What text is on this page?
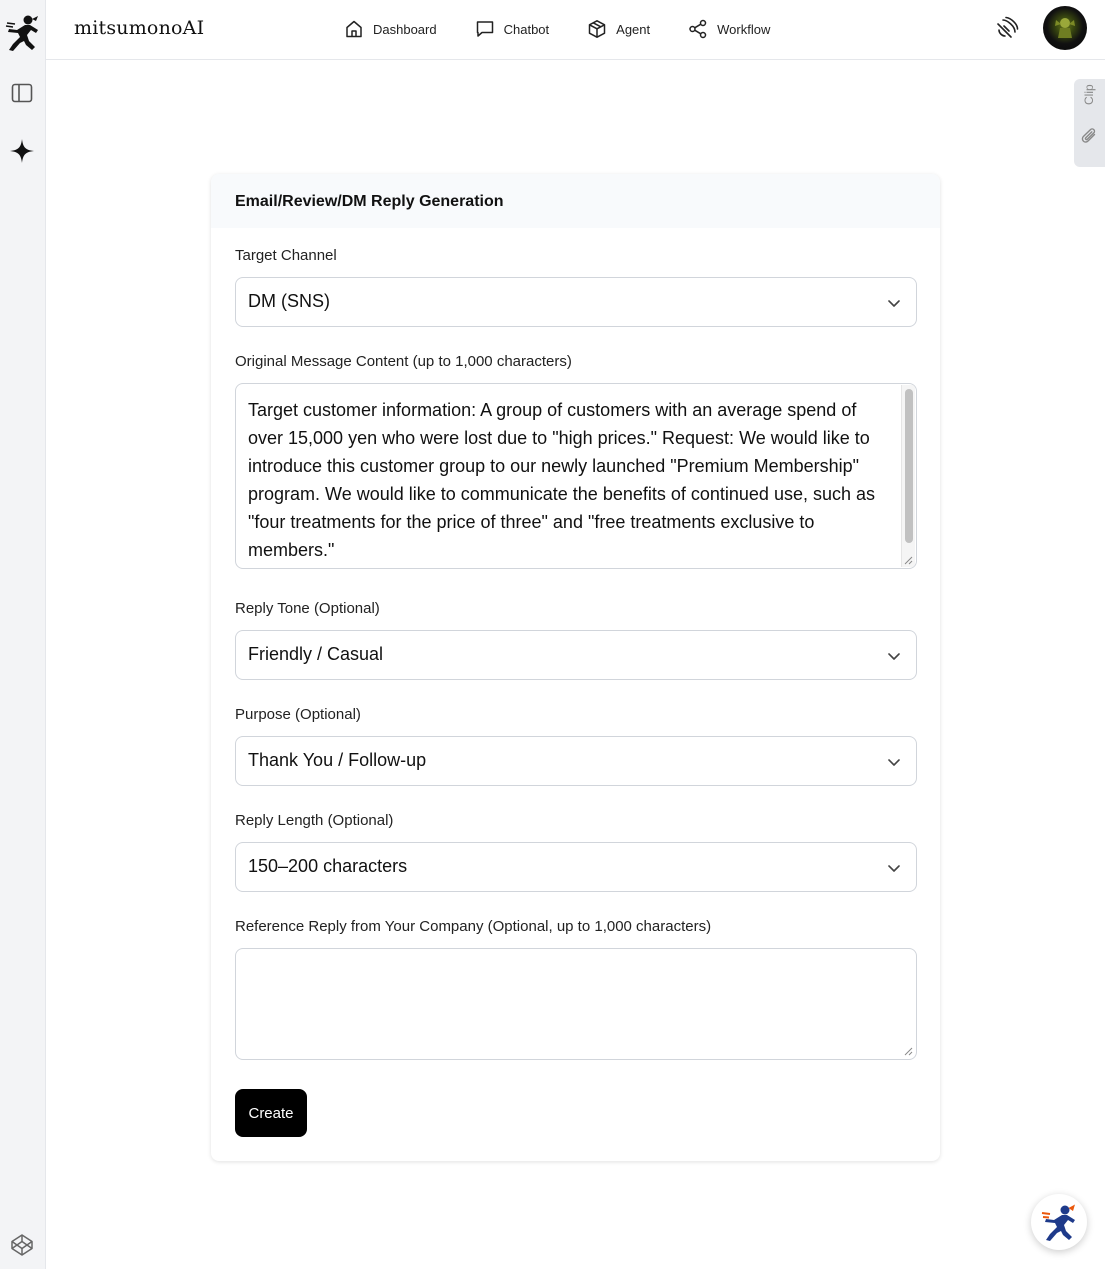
mitsumonoAI	Dashboard	Chatbot	Agent	Workflow
Clip
Email/Review/DM Reply Generation
Target Channel
DM (SNS)
Original Message Content (up to 1,000 characters)
Target customer information: A group of customers with an average spend of over 15,000 yen who were lost due to "high prices." Request: We would like to introduce this customer group to our newly launched "Premium Membership" program. We would like to communicate the benefits of continued use, such as "four treatments for the price of three" and "free treatments exclusive to members."
Reply Tone (Optional)
Friendly / Casual
Purpose (Optional)
Thank You / Follow-up
Reply Length (Optional)
150–200 characters
Reference Reply from Your Company (Optional, up to 1,000 characters)
Create
